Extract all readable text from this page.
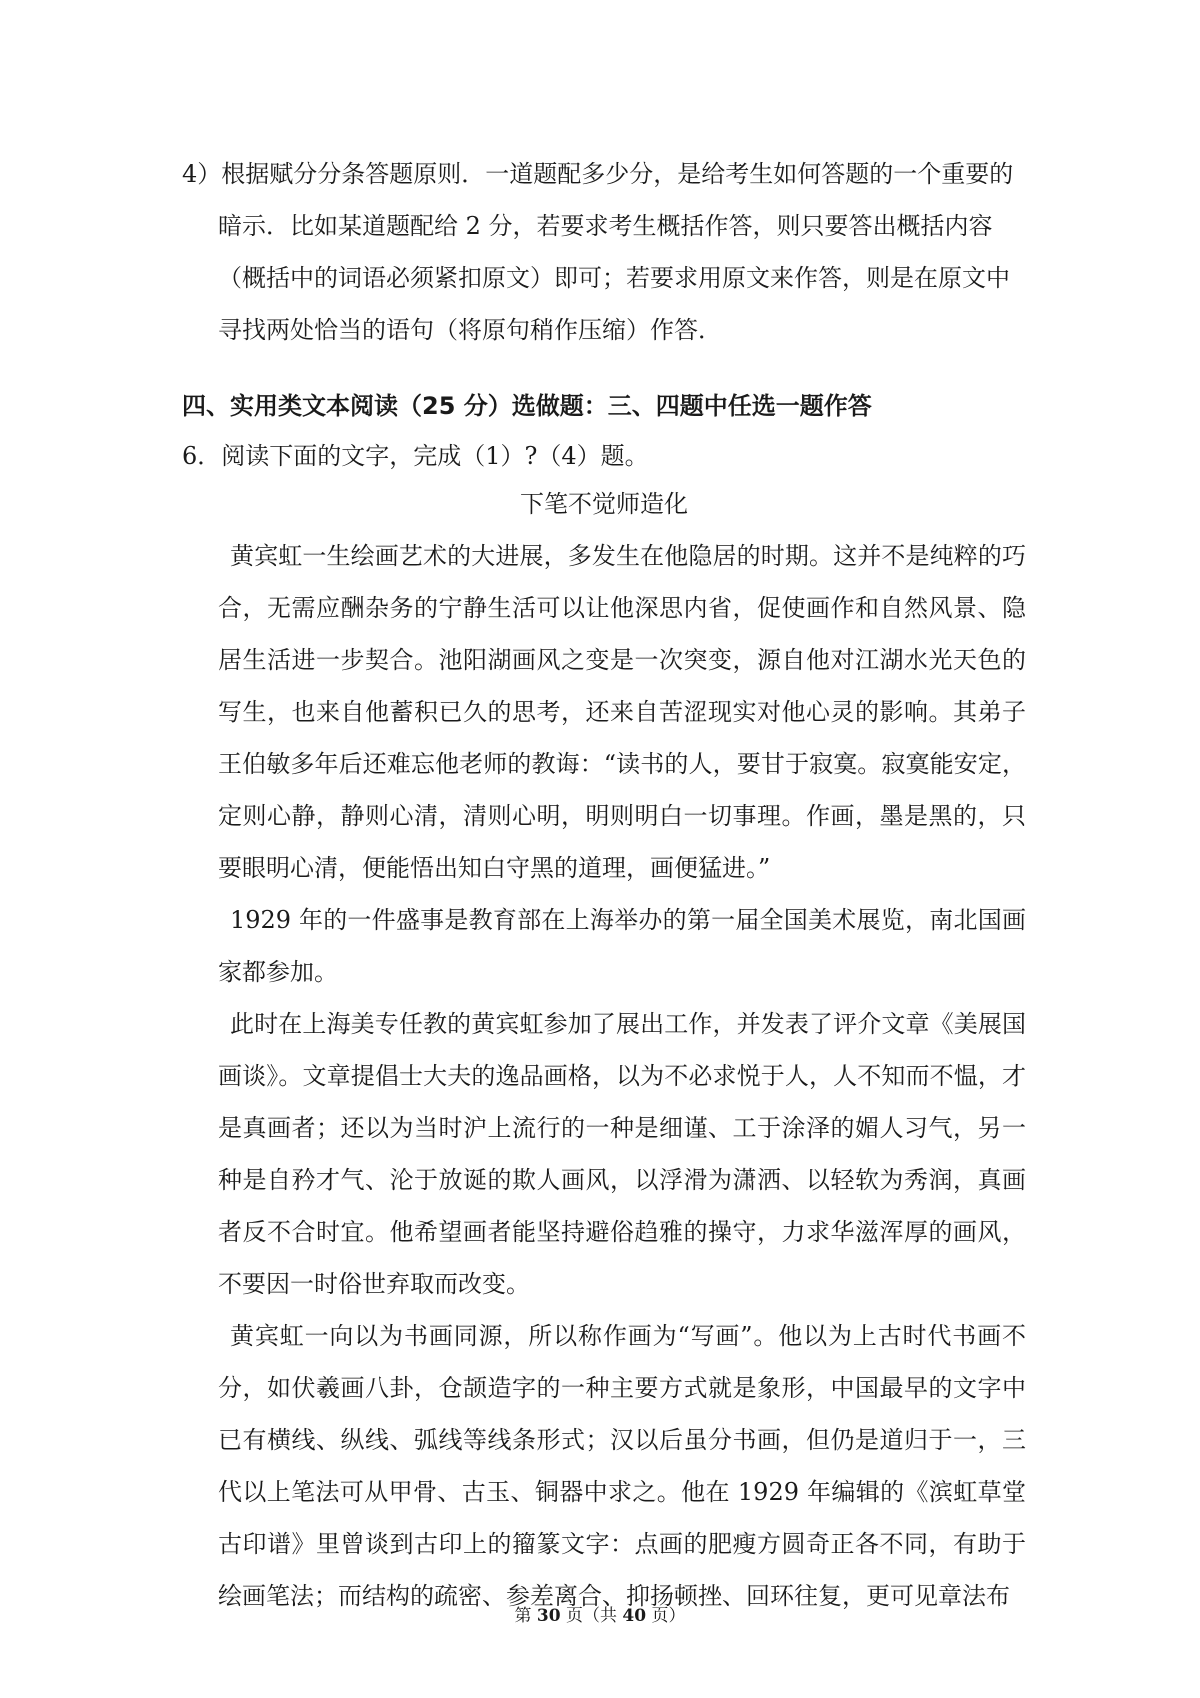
4）根据赋分分条答题原则．一道题配多少分，是给考生如何答题的一个重要的
暗示．比如某道题配给 2 分，若要求考生概括作答，则只要答出概括内容（概括中的词语必须紧扣原文）即可；若要求用原文来作答，则是在原文中寻找两处恰当的语句（将原句稍作压缩）作答．
四、实用类文本阅读（25 分）选做题：三、四题中任选一题作答
6．阅读下面的文字，完成（1）?（4）题。
下笔不觉师造化

黄宾虹一生绘画艺术的大进展，多发生在他隐居的时期。这并不是纯粹的巧合，无需应酬杂务的宁静生活可以让他深思内省，促使画作和自然风景、隐居生活进一步契合。池阳湖画风之变是一次突变，源自他对江湖水光天色的写生，也来自他蓄积已久的思考，还来自苦涩现实对他心灵的影响。其弟子王伯敏多年后还难忘他老师的教诲：“读书的人，要甘于寂寞。寂寞能安定，定则心静，静则心清，清则心明，明则明白一切事理。作画，墨是黑的，只要眼明心清，便能悟出知白守黑的道理，画便猛进。”

1929 年的一件盛事是教育部在上海举办的第一届全国美术展览，南北国画家都参加。

此时在上海美专任教的黄宾虹参加了展出工作，并发表了评介文章《美展国画谈》。文章提倡士大夫的逸品画格，以为不必求悦于人，人不知而不愠，才是真画者；还以为当时沪上流行的一种是细谨、工于涂泽的媚人习气，另一种是自矜才气、沦于放诞的欺人画风，以浮滑为潇洒、以轻软为秀润，真画者反不合时宜。他希望画者能坚持避俗趋雅的操守，力求华滋浑厚的画风，不要因一时俗世弃取而改变。

黄宾虹一向以为书画同源，所以称作画为“写画”。他以为上古时代书画不分，如伏羲画八卦，仓颉造字的一种主要方式就是象形，中国最早的文字中已有横线、纵线、弧线等线条形式；汉以后虽分书画，但仍是道归于一，三代以上笔法可从甲骨、古玉、铜器中求之。他在 1929 年编辑的《滨虹草堂古印谱》里曾谈到古印上的籀篆文字：点画的肥瘦方圆奇正各不同，有助于绘画笔法；而结构的疏密、参差离合、抑扬顿挫、回环往复，更可见章法布

第 30 页（共 40 页）
